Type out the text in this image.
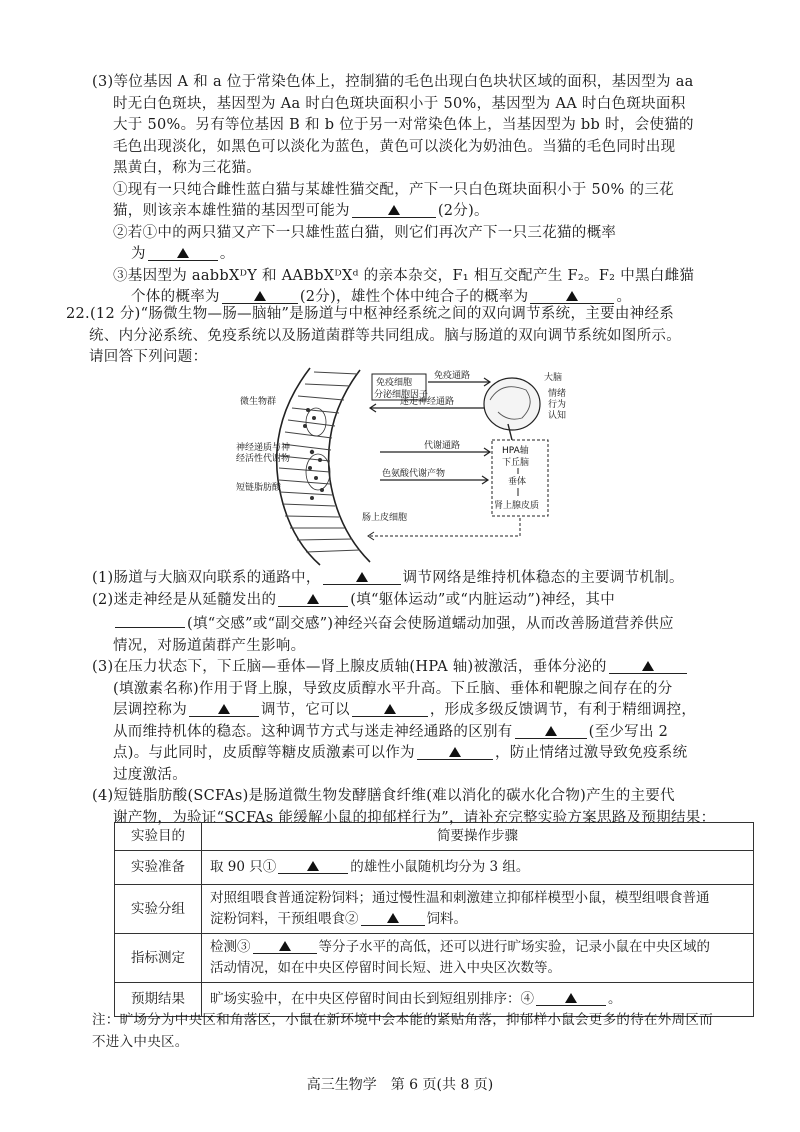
(3)等位基因 A 和 a 位于常染色体上，控制猫的毛色出现白色块状区域的面积，基因型为 aa
时无白色斑块，基因型为 Aa 时白色斑块面积小于 50%，基因型为 AA 时白色斑块面积
大于 50%。另有等位基因 B 和 b 位于另一对常染色体上，当基因型为 bb 时，会使猫的
毛色出现淡化，如黑色可以淡化为蓝色，黄色可以淡化为奶油色。当猫的毛色同时出现
黑黄白，称为三花猫。
①现有一只纯合雌性蓝白猫与某雄性猫交配，产下一只白色斑块面积小于 50% 的三花
猫，则该亲本雄性猫的基因型可能为	(2分)。
②若①中的两只猫又产下一只雄性蓝白猫，则它们再次产下一只三花猫的概率
为	。
③基因型为 aabbXᴰY 和 AABbXᴰXᵈ 的亲本杂交，F₁ 相互交配产生 F₂。F₂ 中黑白雌猫
个体的概率为	(2分)，雄性个体中纯合子的概率为	。
22.(12 分)“肠微生物—肠—脑轴”是肠道与中枢神经系统之间的双向调节系统，主要由神经系
统、内分泌系统、免疫系统以及肠道菌群等共同组成。脑与肠道的双向调节系统如图所示。
请回答下列问题：
免疫细胞
分泌细胞因子
免疫通路
迷走神经通路
代谢通路
色氨酸代谢产物
大脑
情绪
行为
认知
HPA轴
下丘脑
垂体
肾上腺皮质
微生物群
神经递质与神
经活性代谢物
短链脂肪酸
肠上皮细胞
(1)肠道与大脑双向联系的通路中，	调节网络是维持机体稳态的主要调节机制。
(2)迷走神经是从延髓发出的	(填“躯体运动”或“内脏运动”)神经，其中
(填“交感”或“副交感”)神经兴奋会使肠道蠕动加强，从而改善肠道营养供应
情况，对肠道菌群产生影响。
(3)在压力状态下，下丘脑—垂体—肾上腺皮质轴(HPA 轴)被激活，垂体分泌的
(填激素名称)作用于肾上腺，导致皮质醇水平升高。下丘脑、垂体和靶腺之间存在的分
层调控称为	调节，它可以	，形成多级反馈调节，有利于精细调控，
从而维持机体的稳态。这种调节方式与迷走神经通路的区别有	(至少写出 2
点)。与此同时，皮质醇等糖皮质激素可以作为	，防止情绪过激导致免疫系统
过度激活。
(4)短链脂肪酸(SCFAs)是肠道微生物发酵膳食纤维(难以消化的碳水化合物)产生的主要代
谢产物，为验证“SCFAs 能缓解小鼠的抑郁样行为”，请补充完整实验方案思路及预期结果：
实验目的	简要操作步骤
实验准备	取 90 只① 的雄性小鼠随机均分为 3 组。
实验分组	对照组喂食普通淀粉饲料；通过慢性温和刺激建立抑郁样模型小鼠，模型组喂食普通
淀粉饲料，干预组喂食② 饲料。

指标测定	检测③ 等分子水平的高低，还可以进行旷场实验，记录小鼠在中央区域的
活动情况，如在中央区停留时间长短、进入中央区次数等。

预期结果	旷场实验中，在中央区停留时间由长到短组别排序：④ 。
注：旷场分为中央区和角落区，小鼠在新环境中会本能的紧贴角落，抑郁样小鼠会更多的待在外周区而
不进入中央区。
高三生物学　第 6 页(共 8 页)
